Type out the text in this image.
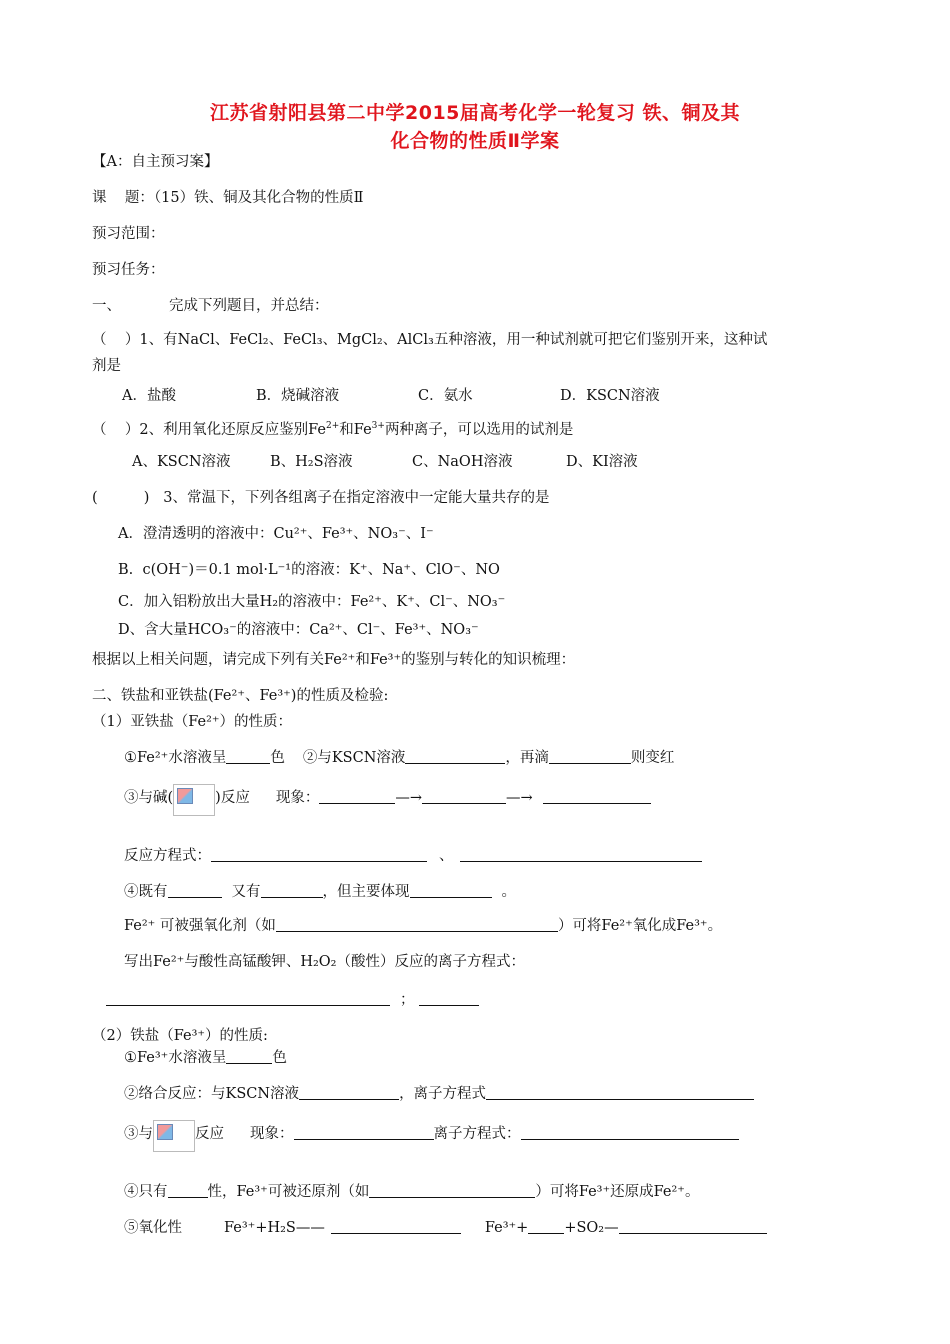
江苏省射阳县第二中学2015届高考化学一轮复习 铁、铜及其
化合物的性质Ⅱ学案
【A：自主预习案】
课    题：（15）铁、铜及其化合物的性质Ⅱ
预习范围：
预习任务：
一、	完成下列题目，并总结：
（    ）1、有NaCl、FeCl₂、FeCl₃、MgCl₂、AlCl₃五种溶液，用一种试剂就可把它们鉴别开来，这种试
剂是
A．盐酸	B．烧碱溶液	C．氨水	D．KSCN溶液
（    ）2、利用氧化还原反应鉴别$Fe^{2+}$和$Fe^{3+}$两种离子，可以选用的试剂是
A、KSCN溶液	B、H₂S溶液	C、NaOH溶液	D、KI溶液
(          )   3、常温下，下列各组离子在指定溶液中一定能大量共存的是
A．澄清透明的溶液中：Cu²⁺、Fe³⁺、NO₃⁻、I⁻
B.  c(OH⁻)＝0.1 mol·L⁻¹的溶液：K⁺、Na⁺、ClO⁻、NO
C．加入铝粉放出大量H₂的溶液中：Fe²⁺、K⁺、Cl⁻、NO₃⁻
D、含大量HCO₃⁻的溶液中：Ca²⁺、Cl⁻、Fe³⁺、NO₃⁻
根据以上相关问题，请完成下列有关Fe²⁺和Fe³⁺的鉴别与转化的知识梳理：
二、铁盐和亚铁盐(Fe²⁺、Fe³⁺)的性质及检验:
（1）亚铁盐（Fe²⁺）的性质：
①Fe²⁺水溶液呈	色 ②与KSCN溶液	，再滴	则变红
③与碱(	)反应 现象：	—→	—→
反应方程式：	、
④既有	又有	，但主要体现	。
Fe²⁺ 可被强氧化剂（如	）可将Fe²⁺氧化成Fe³⁺。
写出Fe²⁺与酸性高锰酸钾、H₂O₂（酸性）反应的离子方程式：
；
（2）铁盐（Fe³⁺）的性质:
①Fe³⁺水溶液呈	色
②络合反应：与KSCN溶液	，离子方程式
③与	反应 现象：	离子方程式：
④只有	性，Fe³⁺可被还原剂（如	）可将Fe³⁺还原成Fe²⁺。
⑤氧化性	Fe³⁺+H₂S——	Fe³⁺+ +SO₂—
